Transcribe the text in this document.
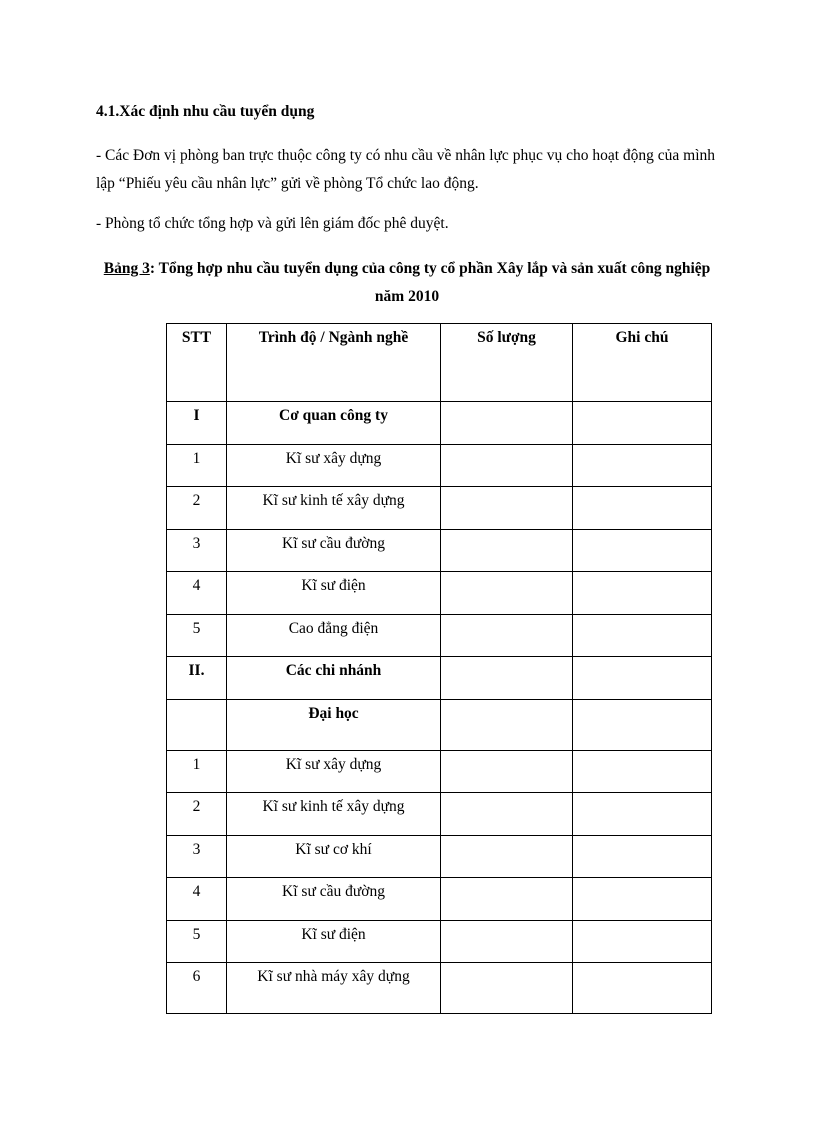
4.1.Xác định nhu cầu tuyển dụng
- Các Đơn vị phòng ban trực thuộc công ty có nhu cầu về nhân lực phục vụ cho hoạt động của mình lập “Phiếu yêu cầu nhân lực” gửi về phòng Tổ chức lao động.
- Phòng tổ chức tổng hợp và gửi lên giám đốc phê duyệt.
Bảng 3: Tổng hợp nhu cầu tuyển dụng của công ty cổ phần Xây lắp và sản xuất công nghiệp năm 2010
STT	Trình độ / Ngành nghề	Số lượng	Ghi chú
I	Cơ quan công ty		
1	Kĩ sư xây dựng		
2	Kĩ sư kinh tế xây dựng		
3	Kĩ sư cầu đường		
4	Kĩ sư điện		
5	Cao đẳng điện		
II.	Các chi nhánh		
	Đại học		
1	Kĩ sư xây dựng		
2	Kĩ sư kinh tế xây dựng		
3	Kĩ sư cơ khí		
4	Kĩ sư cầu đường		
5	Kĩ sư điện		
6	Kĩ sư nhà máy xây dựng		
